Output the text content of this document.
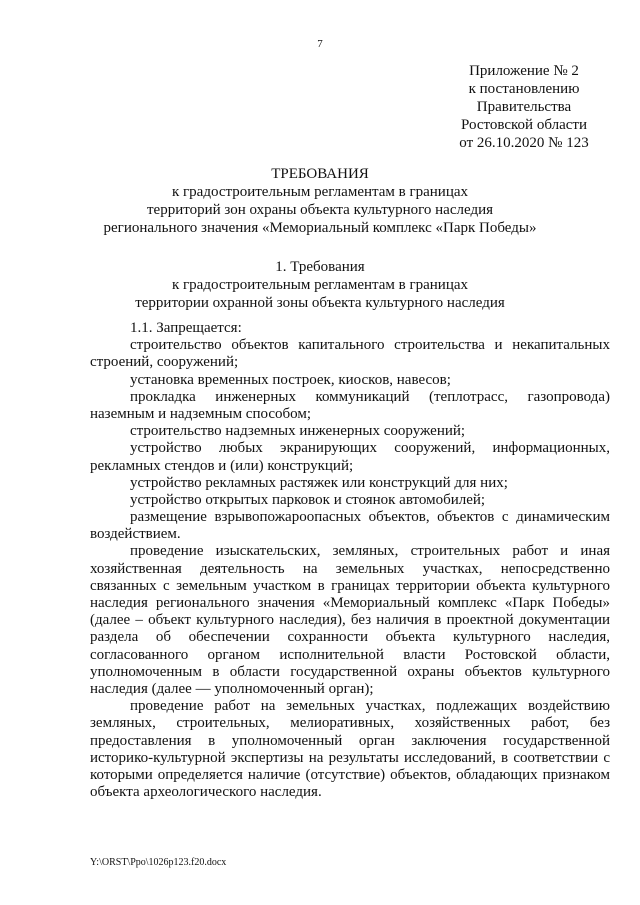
7
Приложение № 2
к постановлению
Правительства
Ростовской области
от 26.10.2020 № 123
ТРЕБОВАНИЯ
к градостроительным регламентам в границах
территорий зон охраны объекта культурного наследия
регионального значения «Мемориальный комплекс «Парк Победы»
1. Требования
к градостроительным регламентам в границах
территории охранной зоны объекта культурного наследия
1.1. Запрещается:
строительство объектов капитального строительства и некапитальных
строений, сооружений;
установка временных построек, киосков, навесов;
прокладка инженерных коммуникаций (теплотрасс, газопровода)
наземным и надземным способом;
строительство надземных инженерных сооружений;
устройство любых экранирующих сооружений, информационных,
рекламных стендов и (или) конструкций;
устройство рекламных растяжек или конструкций для них;
устройство открытых парковок и стоянок автомобилей;
размещение взрывопожароопасных объектов, объектов с динамическим
воздействием.
проведение изыскательских, земляных, строительных работ и иная
хозяйственная деятельность на земельных участках, непосредственно
связанных с земельным участком в границах территории объекта культурного
наследия регионального значения «Мемориальный комплекс «Парк Победы»
(далее – объект культурного наследия), без наличия в проектной документации
раздела об обеспечении сохранности объекта культурного наследия,
согласованного органом исполнительной власти Ростовской области,
уполномоченным в области государственной охраны объектов культурного
наследия (далее — уполномоченный орган);
проведение работ на земельных участках, подлежащих воздействию
земляных, строительных, мелиоративных, хозяйственных работ, без
предоставления в уполномоченный орган заключения государственной
историко-культурной экспертизы на результаты исследований, в соответствии с
которыми определяется наличие (отсутствие) объектов, обладающих признаком
объекта археологического наследия.
Y:\ORST\Ppo\1026p123.f20.docx
